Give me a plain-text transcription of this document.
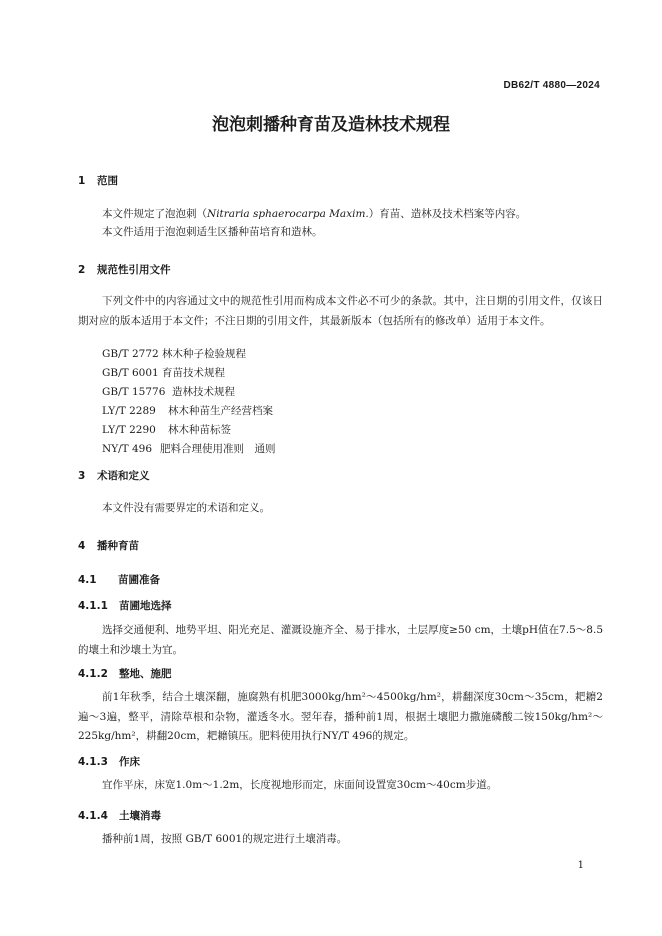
DB62/T 4880—2024
泡泡刺播种育苗及造林技术规程
1 范围
本文件规定了泡泡刺（Nitraria sphaerocarpa Maxim.）育苗、造林及技术档案等内容。
本文件适用于泡泡刺适生区播种苗培育和造林。
2 规范性引用文件
下列文件中的内容通过文中的规范性引用而构成本文件必不可少的条款。其中，注日期的引用文件，仅该日期对应的版本适用于本文件；不注日期的引用文件，其最新版本（包括所有的修改单）适用于本文件。
GB/T 2772 林木种子检验规程
GB/T 6001 育苗技术规程
GB/T 15776 造林技术规程
LY/T 2289 林木种苗生产经营档案
LY/T 2290 林木种苗标签
NY/T 496 肥料合理使用准则　通则
3 术语和定义
本文件没有需要界定的术语和定义。
4 播种育苗
4.1 苗圃准备
4.1.1 苗圃地选择
选择交通便利、地势平坦、阳光充足、灌溉设施齐全、易于排水，土层厚度≥50 cm，土壤pH值在7.5～8.5的壤土和沙壤土为宜。
4.1.2 整地、施肥
前1年秋季，结合土壤深翻，施腐熟有机肥3000kg/hm²～4500kg/hm²，耕翻深度30cm～35cm，耙耱2遍～3遍，整平，清除草根和杂物，灌透冬水。翌年春，播种前1周，根据土壤肥力撒施磷酸二铵150kg/hm²～225kg/hm²，耕翻20cm，耙耱镇压。肥料使用执行NY/T 496的规定。
4.1.3 作床
宜作平床，床宽1.0m～1.2m，长度视地形而定，床面间设置宽30cm～40cm步道。
4.1.4 土壤消毒
播种前1周，按照 GB/T 6001的规定进行土壤消毒。
1
